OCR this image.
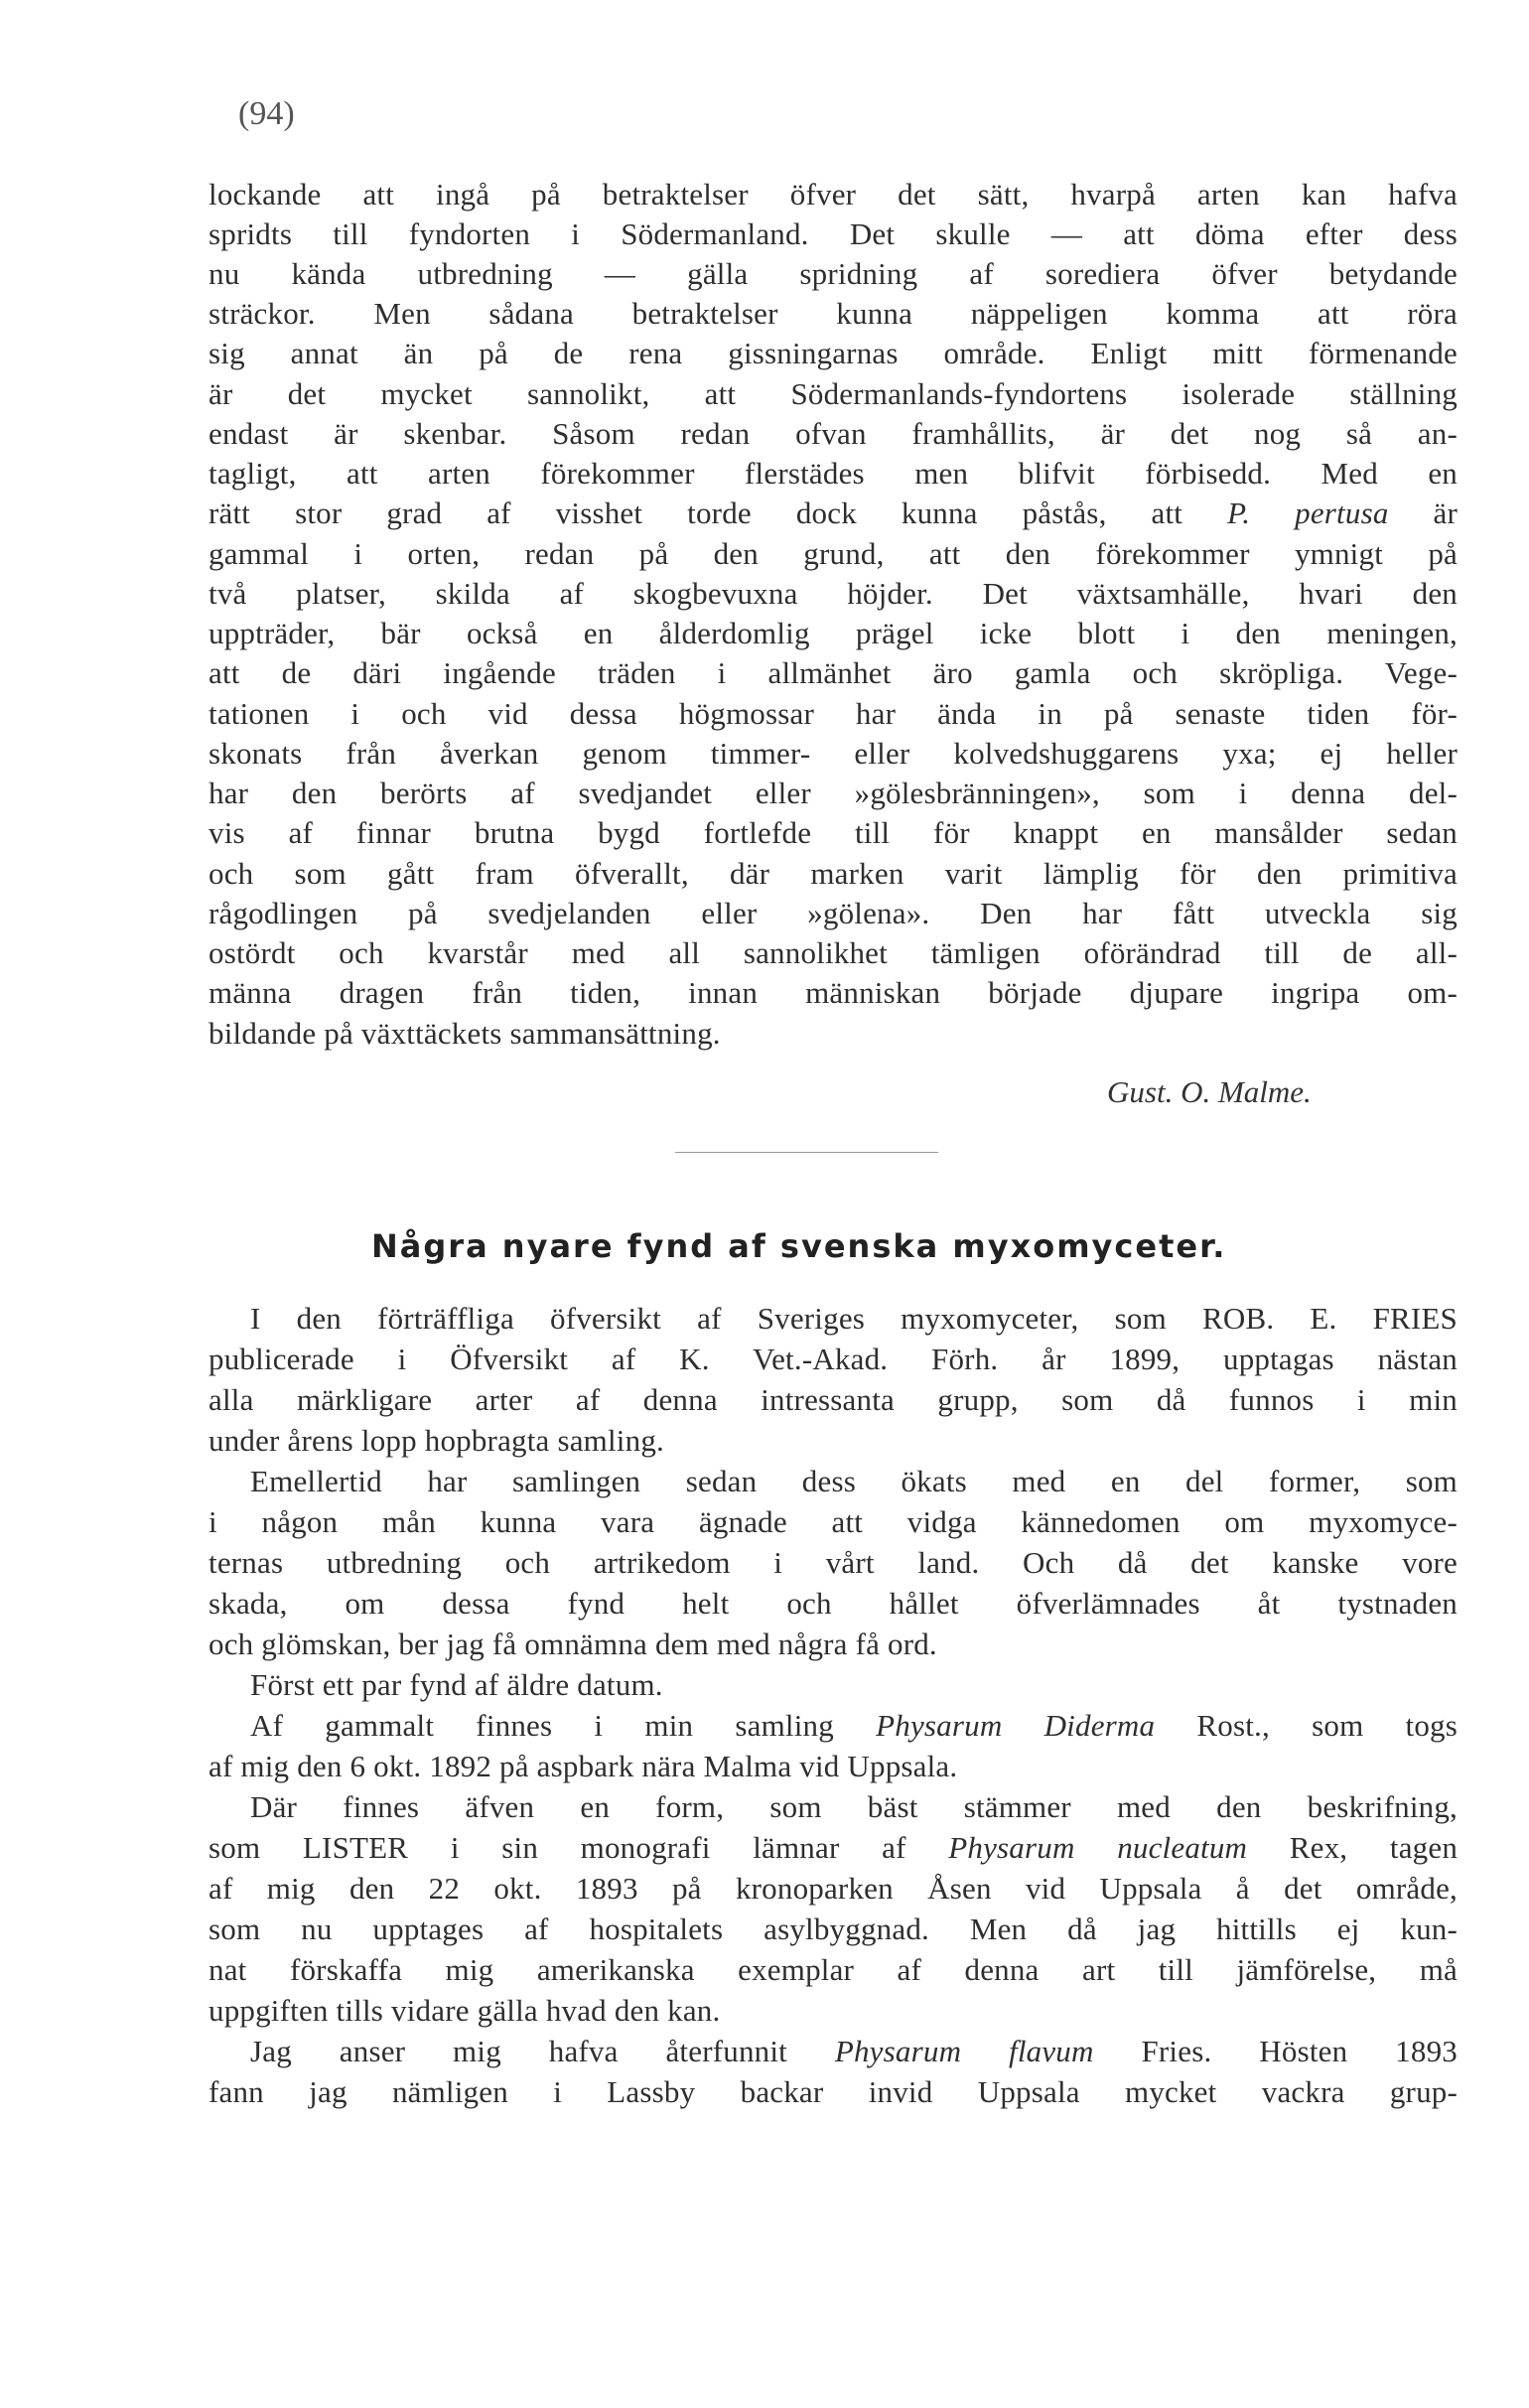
(94)
lockande att ingå på betraktelser öfver det sätt, hvarpå arten kan hafva
spridts till fyndorten i Södermanland. Det skulle — att döma efter dess
nu kända utbredning — gälla spridning af sorediera öfver betydande
sträckor. Men sådana betraktelser kunna näppeligen komma att röra
sig annat än på de rena gissningarnas område. Enligt mitt förmenande
är det mycket sannolikt, att Södermanlands-fyndortens isolerade ställning
endast är skenbar. Såsom redan ofvan framhållits, är det nog så an-
tagligt, att arten förekommer flerstädes men blifvit förbisedd. Med en
rätt stor grad af visshet torde dock kunna påstås, att P. pertusa är
gammal i orten, redan på den grund, att den förekommer ymnigt på
två platser, skilda af skogbevuxna höjder. Det växtsamhälle, hvari den
uppträder, bär också en ålderdomlig prägel icke blott i den meningen,
att de däri ingående träden i allmänhet äro gamla och skröpliga. Vege-
tationen i och vid dessa högmossar har ända in på senaste tiden för-
skonats från åverkan genom timmer- eller kolvedshuggarens yxa; ej heller
har den berörts af svedjandet eller »gölesbränningen», som i denna del-
vis af finnar brutna bygd fortlefde till för knappt en mansålder sedan
och som gått fram öfverallt, där marken varit lämplig för den primitiva
rågodlingen på svedjelanden eller »gölena». Den har fått utveckla sig
ostördt och kvarstår med all sannolikhet tämligen oförändrad till de all-
männa dragen från tiden, innan människan började djupare ingripa om-
bildande på växttäckets sammansättning.
Gust. O. Malme.
Några nyare fynd af svenska myxomyceter.
I den förträffliga öfversikt af Sveriges myxomyceter, som ROB. E. FRIES
publicerade i Öfversikt af K. Vet.-Akad. Förh. år 1899, upptagas nästan
alla märkligare arter af denna intressanta grupp, som då funnos i min
under årens lopp hopbragta samling.
Emellertid har samlingen sedan dess ökats med en del former, som
i någon mån kunna vara ägnade att vidga kännedomen om myxomyce-
ternas utbredning och artrikedom i vårt land. Och då det kanske vore
skada, om dessa fynd helt och hållet öfverlämnades åt tystnaden
och glömskan, ber jag få omnämna dem med några få ord.
Först ett par fynd af äldre datum.
Af gammalt finnes i min samling Physarum Diderma Rost., som togs
af mig den 6 okt. 1892 på aspbark nära Malma vid Uppsala.
Där finnes äfven en form, som bäst stämmer med den beskrifning,
som LISTER i sin monografi lämnar af Physarum nucleatum Rex, tagen
af mig den 22 okt. 1893 på kronoparken Åsen vid Uppsala å det område,
som nu upptages af hospitalets asylbyggnad. Men då jag hittills ej kun-
nat förskaffa mig amerikanska exemplar af denna art till jämförelse, må
uppgiften tills vidare gälla hvad den kan.
Jag anser mig hafva återfunnit Physarum flavum Fries. Hösten 1893
fann jag nämligen i Lassby backar invid Uppsala mycket vackra grup-
